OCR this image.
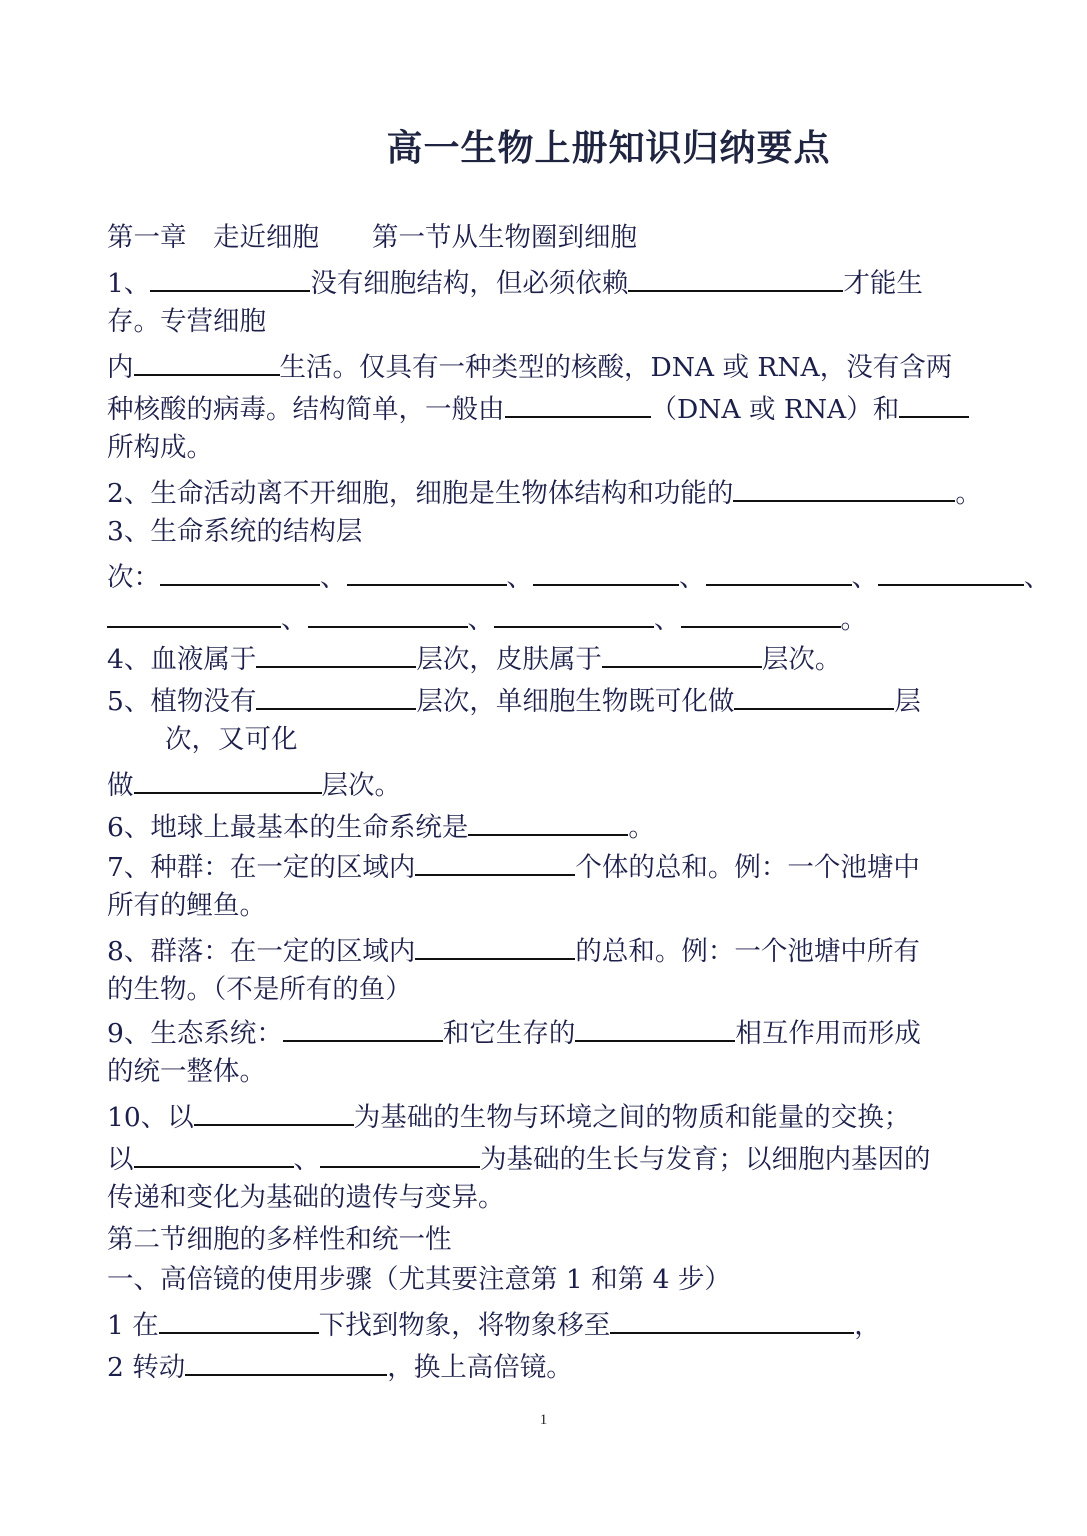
高一生物上册知识归纳要点
第一章　走近细胞　　第一节从生物圈到细胞
1、	没有细胞结构，但必须依赖	才能生
存。专营细胞
内	生活。仅具有一种类型的核酸，DNA 或 RNA，没有含两
种核酸的病毒。结构简单，一般由	（DNA 或 RNA）和
所构成。
2、生命活动离不开细胞，细胞是生物体结构和功能的	。
3、生命系统的结构层
次：	、	、	、	、	、
、	、	、	。
4、血液属于	层次，皮肤属于	层次。
5、植物没有	层次，单细胞生物既可化做	层
次，又可化
做	层次。
6、地球上最基本的生命系统是	。
7、种群：在一定的区域内	个体的总和。例：一个池塘中
所有的鲤鱼。
8、群落：在一定的区域内	的总和。例：一个池塘中所有
的生物。（不是所有的鱼）
9、生态系统：	和它生存的	相互作用而形成
的统一整体。
10、以	为基础的生物与环境之间的物质和能量的交换；
以	、	为基础的生长与发育；以细胞内基因的
传递和变化为基础的遗传与变异。
第二节细胞的多样性和统一性
一、高倍镜的使用步骤（尤其要注意第 1 和第 4 步）
1 在	下找到物象，将物象移至	，
2 转动	，换上高倍镜。
1
